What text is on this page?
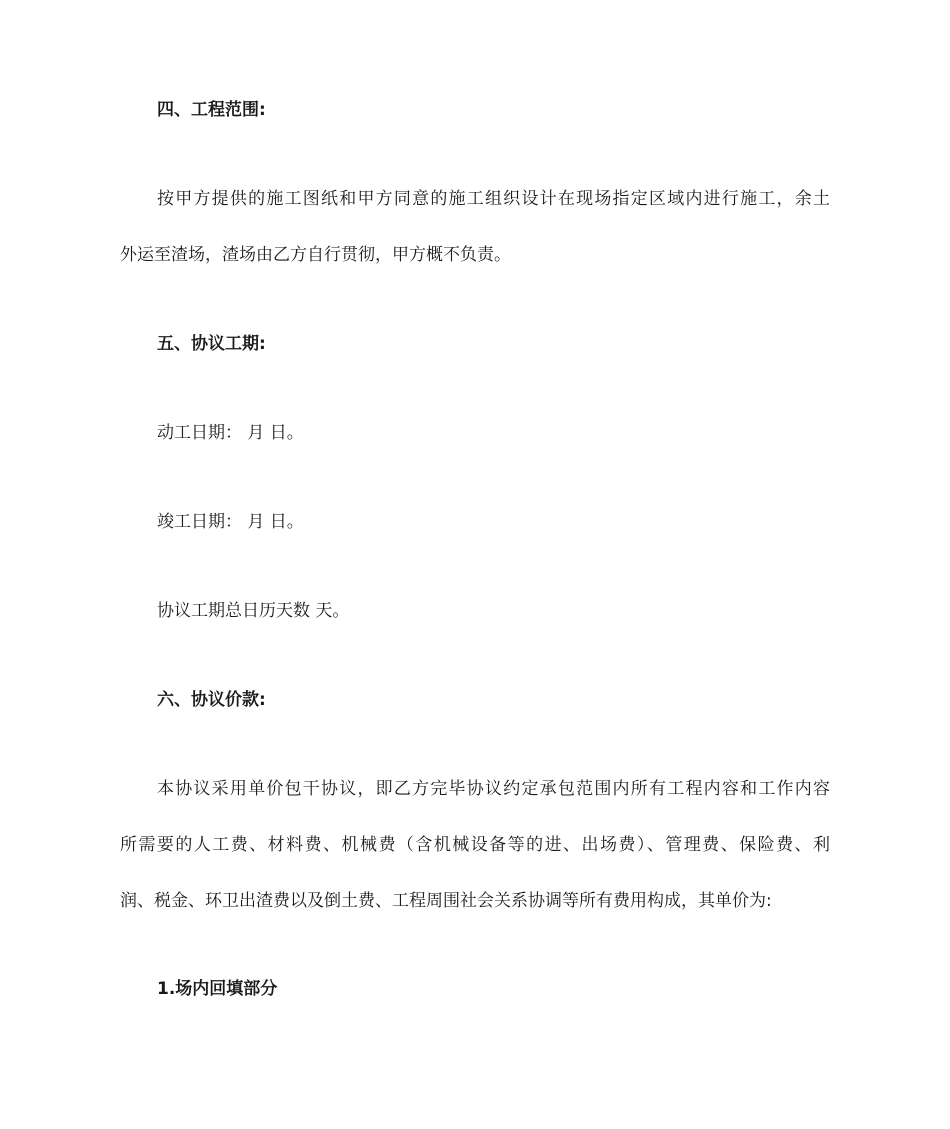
四、工程范围:

按甲方提供的施工图纸和甲方同意的施工组织设计在现场指定区域内进行施工，余土

外运至渣场，渣场由乙方自行贯彻，甲方概不负责。

五、协议工期:

动工日期： 月 日。

竣工日期： 月 日。

协议工期总日历天数 天。

六、协议价款:

本协议采用单价包干协议，即乙方完毕协议约定承包范围内所有工程内容和工作内容

所需要的人工费、材料费、机械费（含机械设备等的进、出场费）、管理费、保险费、利

润、税金、环卫出渣费以及倒土费、工程周围社会关系协调等所有费用构成，其单价为:

1.场内回填部分
